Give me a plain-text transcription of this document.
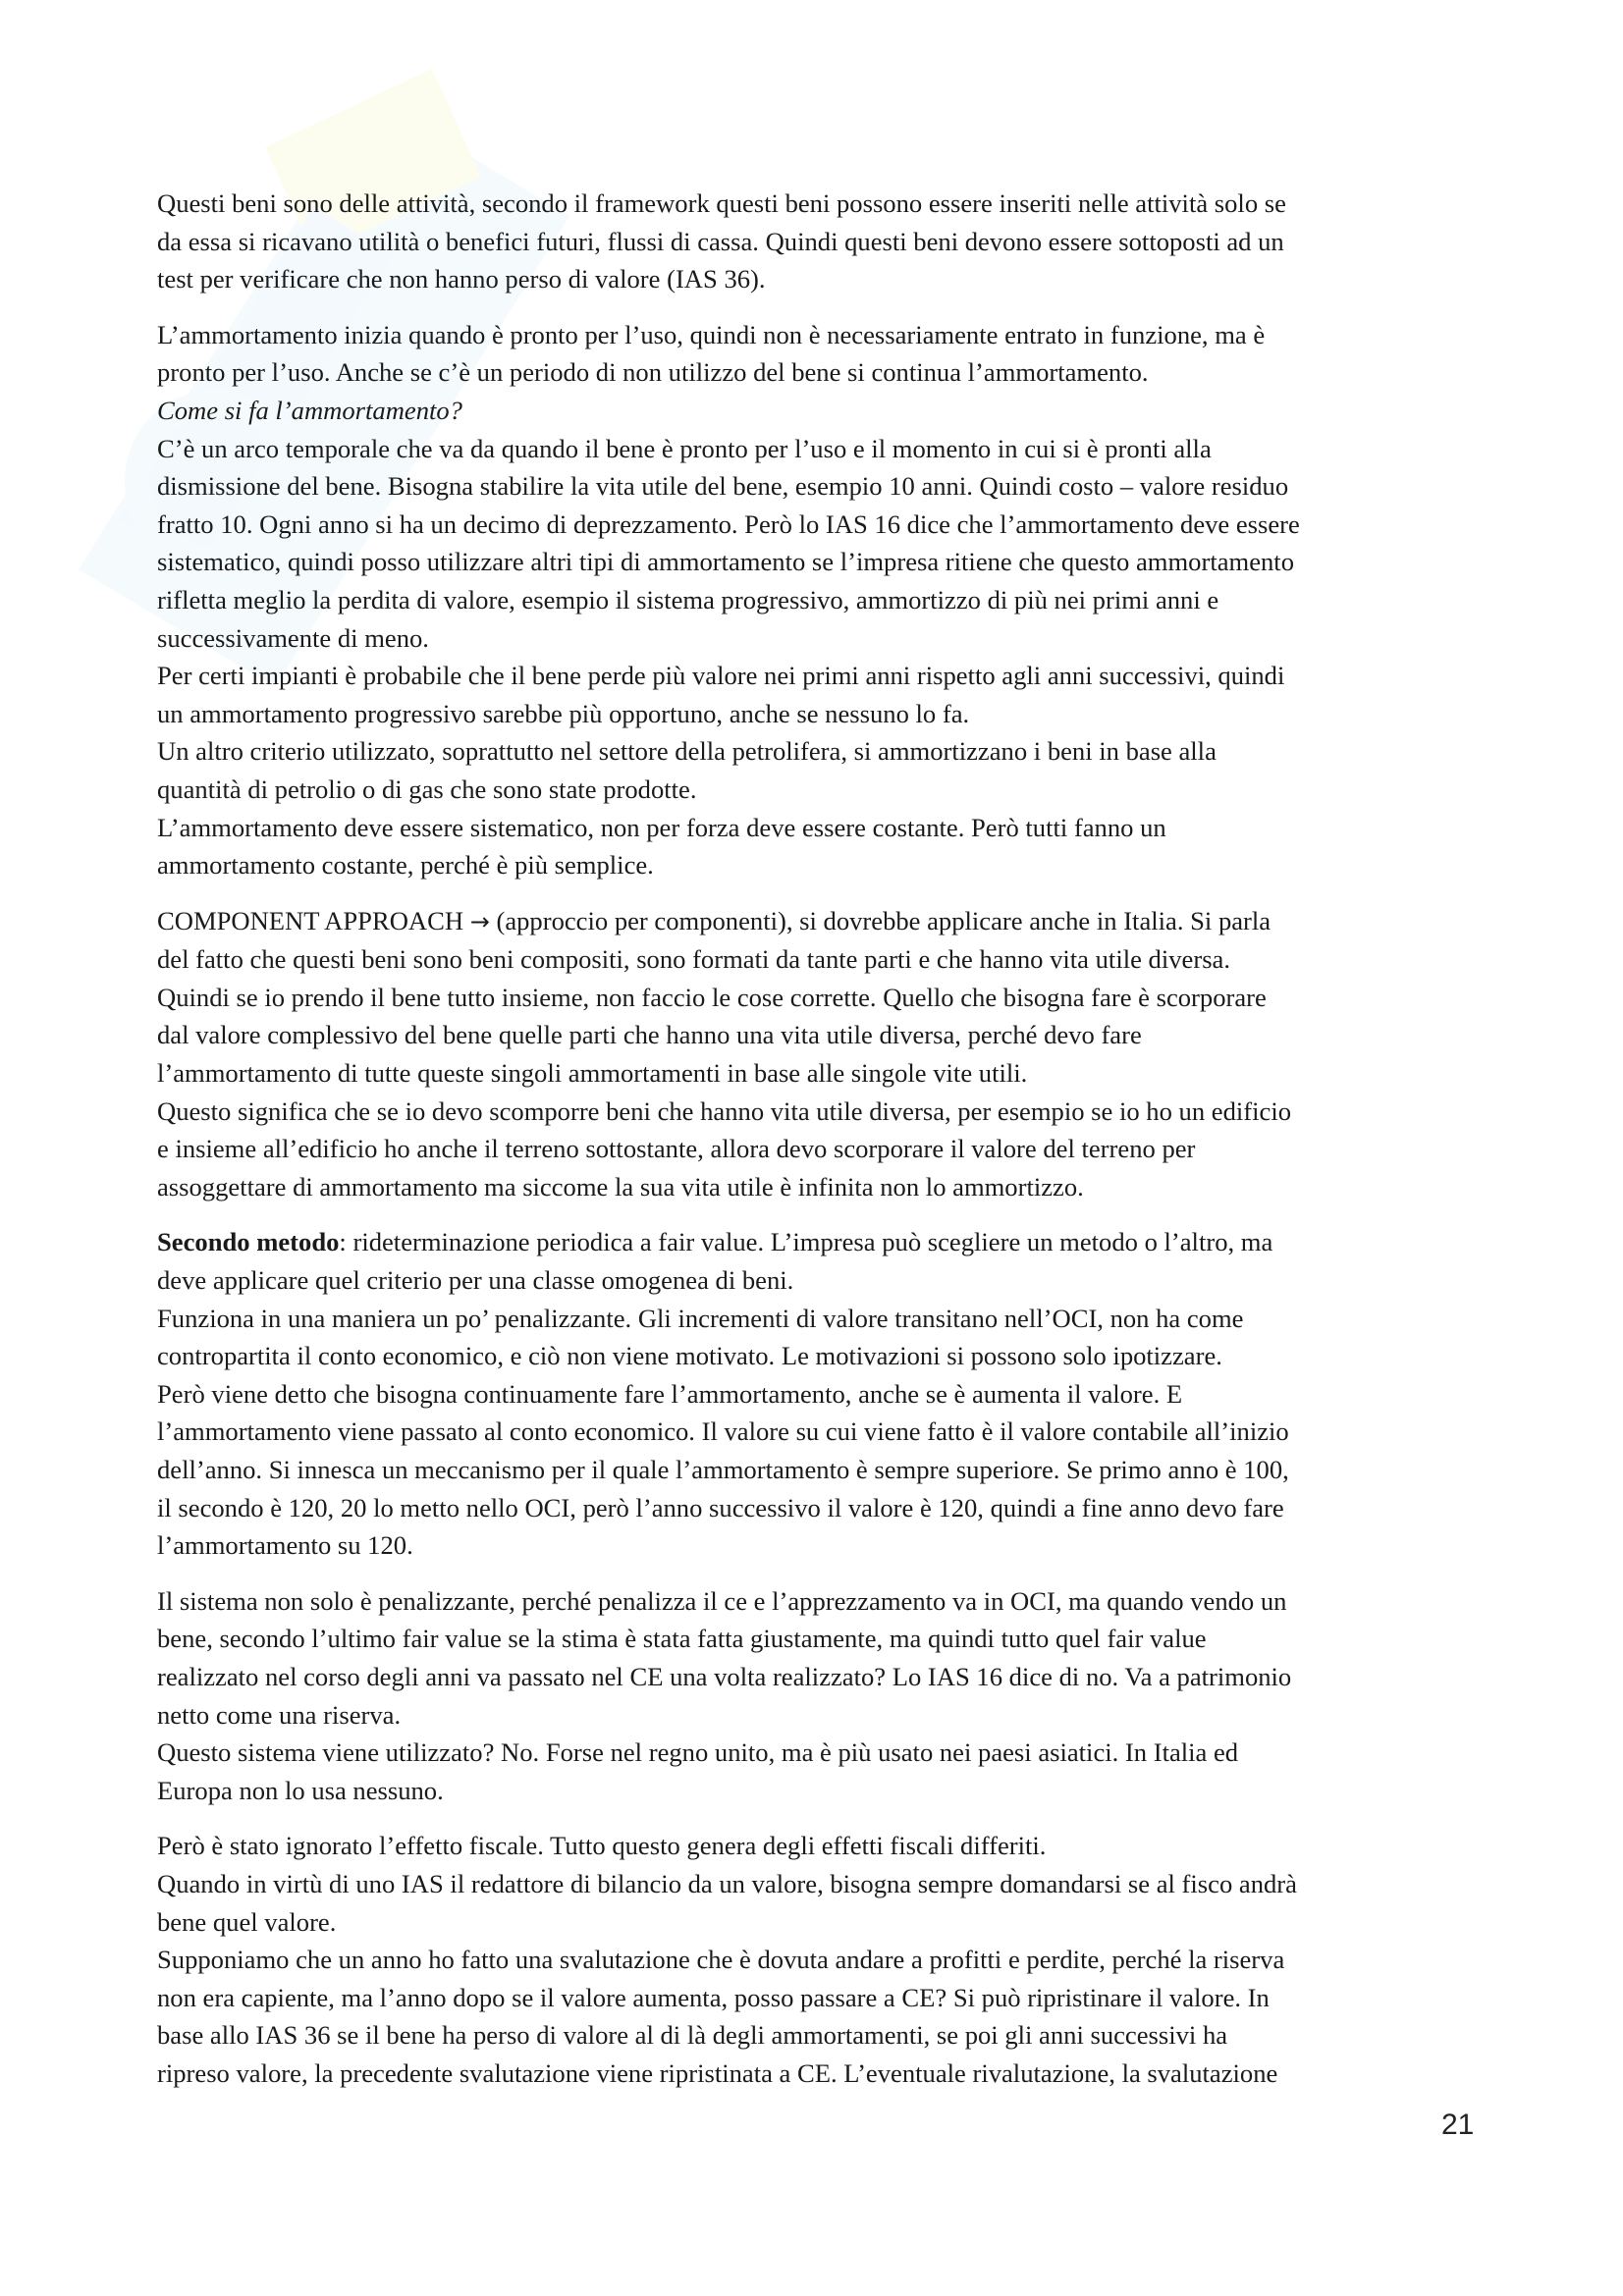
Questi beni sono delle attività, secondo il framework questi beni possono essere inseriti nelle attività solo se
da essa si ricavano utilità o benefici futuri, flussi di cassa. Quindi questi beni devono essere sottoposti ad un
test per verificare che non hanno perso di valore (IAS 36).

L’ammortamento inizia quando è pronto per l’uso, quindi non è necessariamente entrato in funzione, ma è
pronto per l’uso. Anche se c’è un periodo di non utilizzo del bene si continua l’ammortamento.
Come si fa l’ammortamento?
C’è un arco temporale che va da quando il bene è pronto per l’uso e il momento in cui si è pronti alla
dismissione del bene. Bisogna stabilire la vita utile del bene, esempio 10 anni. Quindi costo – valore residuo
fratto 10. Ogni anno si ha un decimo di deprezzamento. Però lo IAS 16 dice che l’ammortamento deve essere
sistematico, quindi posso utilizzare altri tipi di ammortamento se l’impresa ritiene che questo ammortamento
rifletta meglio la perdita di valore, esempio il sistema progressivo, ammortizzo di più nei primi anni e
successivamente di meno.
Per certi impianti è probabile che il bene perde più valore nei primi anni rispetto agli anni successivi, quindi
un ammortamento progressivo sarebbe più opportuno, anche se nessuno lo fa.
Un altro criterio utilizzato, soprattutto nel settore della petrolifera, si ammortizzano i beni in base alla
quantità di petrolio o di gas che sono state prodotte.
L’ammortamento deve essere sistematico, non per forza deve essere costante. Però tutti fanno un
ammortamento costante, perché è più semplice.

COMPONENT APPROACH → (approccio per componenti), si dovrebbe applicare anche in Italia. Si parla
del fatto che questi beni sono beni compositi, sono formati da tante parti e che hanno vita utile diversa.
Quindi se io prendo il bene tutto insieme, non faccio le cose corrette. Quello che bisogna fare è scorporare
dal valore complessivo del bene quelle parti che hanno una vita utile diversa, perché devo fare
l’ammortamento di tutte queste singoli ammortamenti in base alle singole vite utili.
Questo significa che se io devo scomporre beni che hanno vita utile diversa, per esempio se io ho un edificio
e insieme all’edificio ho anche il terreno sottostante, allora devo scorporare il valore del terreno per
assoggettare di ammortamento ma siccome la sua vita utile è infinita non lo ammortizzo.

Secondo metodo: rideterminazione periodica a fair value. L’impresa può scegliere un metodo o l’altro, ma
deve applicare quel criterio per una classe omogenea di beni.
Funziona in una maniera un po’ penalizzante. Gli incrementi di valore transitano nell’OCI, non ha come
contropartita il conto economico, e ciò non viene motivato. Le motivazioni si possono solo ipotizzare.
Però viene detto che bisogna continuamente fare l’ammortamento, anche se è aumenta il valore. E
l’ammortamento viene passato al conto economico. Il valore su cui viene fatto è il valore contabile all’inizio
dell’anno. Si innesca un meccanismo per il quale l’ammortamento è sempre superiore. Se primo anno è 100,
il secondo è 120, 20 lo metto nello OCI, però l’anno successivo il valore è 120, quindi a fine anno devo fare
l’ammortamento su 120.

Il sistema non solo è penalizzante, perché penalizza il ce e l’apprezzamento va in OCI, ma quando vendo un
bene, secondo l’ultimo fair value se la stima è stata fatta giustamente, ma quindi tutto quel fair value
realizzato nel corso degli anni va passato nel CE una volta realizzato? Lo IAS 16 dice di no. Va a patrimonio
netto come una riserva.
Questo sistema viene utilizzato? No. Forse nel regno unito, ma è più usato nei paesi asiatici. In Italia ed
Europa non lo usa nessuno.

Però è stato ignorato l’effetto fiscale. Tutto questo genera degli effetti fiscali differiti.
Quando in virtù di uno IAS il redattore di bilancio da un valore, bisogna sempre domandarsi se al fisco andrà
bene quel valore.
Supponiamo che un anno ho fatto una svalutazione che è dovuta andare a profitti e perdite, perché la riserva
non era capiente, ma l’anno dopo se il valore aumenta, posso passare a CE? Si può ripristinare il valore. In
base allo IAS 36 se il bene ha perso di valore al di là degli ammortamenti, se poi gli anni successivi ha
ripreso valore, la precedente svalutazione viene ripristinata a CE. L’eventuale rivalutazione, la svalutazione

21
